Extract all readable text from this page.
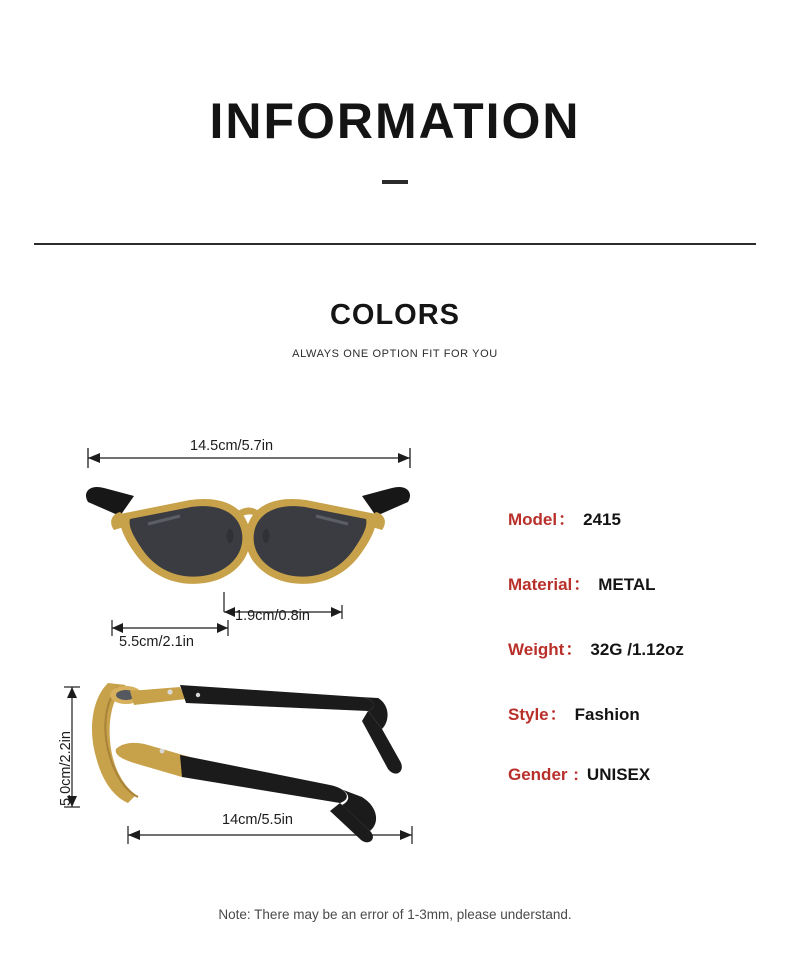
INFORMATION
COLORS
ALWAYS ONE OPTION FIT FOR YOU
14.5cm/5.7in
1.9cm/0.8in
5.5cm/2.1in
5.0cm/2.2in
14cm/5.5in
Model： 2415
Material： METAL
Weight： 32G /1.12oz
Style： Fashion
Gender : UNISEX
Note: There may be an error of 1-3mm, please understand.
